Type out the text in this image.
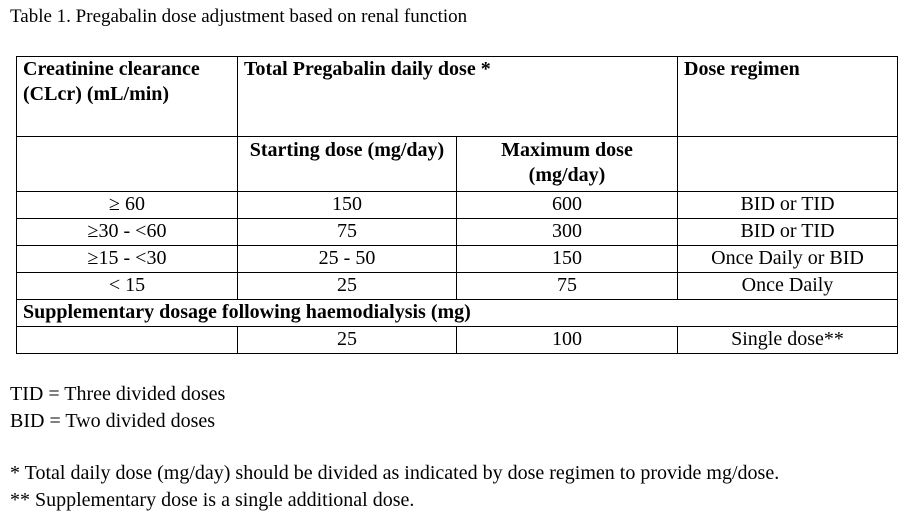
Table 1. Pregabalin dose adjustment based on renal function
Creatinine clearance (CLcr) (mL/min)	Total Pregabalin daily dose *		Dose regimen
	Starting dose (mg/day)	Maximum dose (mg/day)	
≥ 60	150	600	BID or TID
≥30 - <60	75	300	BID or TID
≥15 - <30	25 - 50	150	Once Daily or BID
< 15	25	75	Once Daily
Supplementary dosage following haemodialysis (mg)			
	25	100	Single dose**
TID = Three divided doses
BID = Two divided doses
* Total daily dose (mg/day) should be divided as indicated by dose regimen to provide mg/dose.
** Supplementary dose is a single additional dose.
